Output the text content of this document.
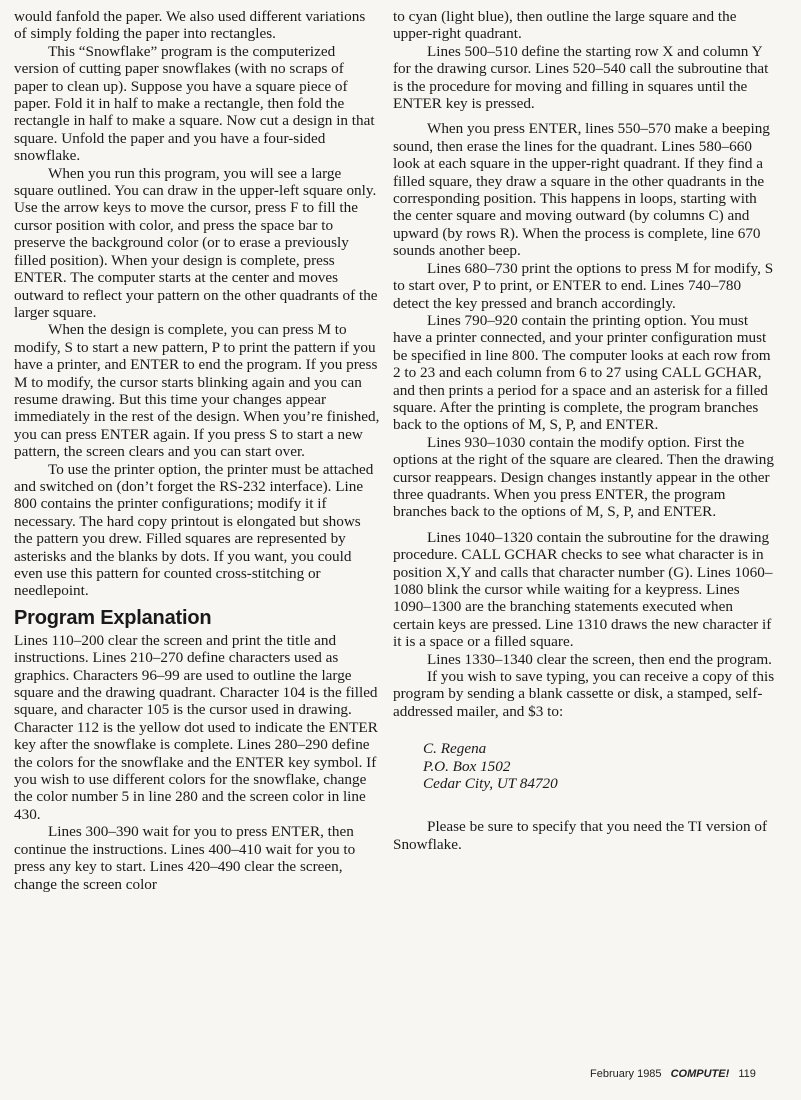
would fanfold the paper. We also used different variations of simply folding the paper into rectangles.

This “Snowflake” program is the computerized version of cutting paper snowflakes (with no scraps of paper to clean up). Suppose you have a square piece of paper. Fold it in half to make a rectangle, then fold the rectangle in half to make a square. Now cut a design in that square. Unfold the paper and you have a four-sided snowflake.

When you run this program, you will see a large square outlined. You can draw in the upper-left square only. Use the arrow keys to move the cursor, press F to fill the cursor position with color, and press the space bar to preserve the background color (or to erase a previously filled position). When your design is complete, press ENTER. The computer starts at the center and moves outward to reflect your pattern on the other quadrants of the larger square.

When the design is complete, you can press M to modify, S to start a new pattern, P to print the pattern if you have a printer, and ENTER to end the program. If you press M to modify, the cursor starts blinking again and you can resume drawing. But this time your changes appear immediately in the rest of the design. When you’re finished, you can press ENTER again. If you press S to start a new pattern, the screen clears and you can start over.

To use the printer option, the printer must be attached and switched on (don’t forget the RS-232 interface). Line 800 contains the printer configurations; modify it if necessary. The hard copy printout is elongated but shows the pattern you drew. Filled squares are represented by asterisks and the blanks by dots. If you want, you could even use this pattern for counted cross-stitching or needlepoint.

Program Explanation

Lines 110–200 clear the screen and print the title and instructions. Lines 210–270 define characters used as graphics. Characters 96–99 are used to outline the large square and the drawing quadrant. Character 104 is the filled square, and character 105 is the cursor used in drawing. Character 112 is the yellow dot used to indicate the ENTER key after the snowflake is complete. Lines 280–290 define the colors for the snowflake and the ENTER key symbol. If you wish to use different colors for the snowflake, change the color number 5 in line 280 and the screen color in line 430.

Lines 300–390 wait for you to press ENTER, then continue the instructions. Lines 400–410 wait for you to press any key to start. Lines 420–490 clear the screen, change the screen color

to cyan (light blue), then outline the large square and the upper-right quadrant.

Lines 500–510 define the starting row X and column Y for the drawing cursor. Lines 520–540 call the subroutine that is the procedure for moving and filling in squares until the ENTER key is pressed.

When you press ENTER, lines 550–570 make a beeping sound, then erase the lines for the quadrant. Lines 580–660 look at each square in the upper-right quadrant. If they find a filled square, they draw a square in the other quadrants in the corresponding position. This happens in loops, starting with the center square and moving outward (by columns C) and upward (by rows R). When the process is complete, line 670 sounds another beep.

Lines 680–730 print the options to press M for modify, S to start over, P to print, or ENTER to end. Lines 740–780 detect the key pressed and branch accordingly.

Lines 790–920 contain the printing option. You must have a printer connected, and your printer configuration must be specified in line 800. The computer looks at each row from 2 to 23 and each column from 6 to 27 using CALL GCHAR, and then prints a period for a space and an asterisk for a filled square. After the printing is complete, the program branches back to the options of M, S, P, and ENTER.

Lines 930–1030 contain the modify option. First the options at the right of the square are cleared. Then the drawing cursor reappears. Design changes instantly appear in the other three quadrants. When you press ENTER, the program branches back to the options of M, S, P, and ENTER.

Lines 1040–1320 contain the subroutine for the drawing procedure. CALL GCHAR checks to see what character is in position X,Y and calls that character number (G). Lines 1060–1080 blink the cursor while waiting for a keypress. Lines 1090–1300 are the branching statements executed when certain keys are pressed. Line 1310 draws the new character if it is a space or a filled square.

Lines 1330–1340 clear the screen, then end the program.

If you wish to save typing, you can receive a copy of this program by sending a blank cassette or disk, a stamped, self-addressed mailer, and $3 to:

C. Regena
P.O. Box 1502
Cedar City, UT 84720

Please be sure to specify that you need the TI version of Snowflake.

February 1985 COMPUTE! 119
